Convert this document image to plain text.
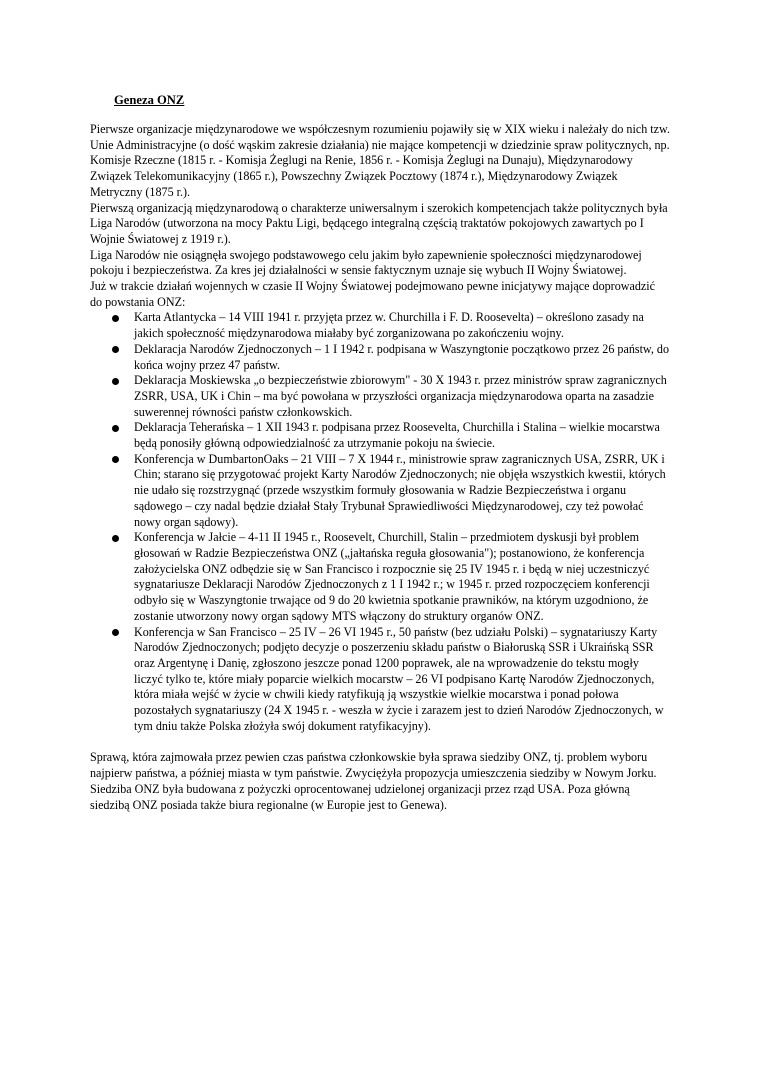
Geneza ONZ

Pierwsze organizacje międzynarodowe we współczesnym rozumieniu pojawiły się w XIX wieku i należały do nich tzw. Unie Administracyjne (o dość wąskim zakresie działania) nie mające kompetencji w dziedzinie spraw politycznych, np. Komisje Rzeczne (1815 r. - Komisja Żeglugi na Renie, 1856 r. - Komisja Żeglugi na Dunaju), Międzynarodowy Związek Telekomunikacyjny (1865 r.), Powszechny Związek Pocztowy (1874 r.), Międzynarodowy Związek Metryczny (1875 r.).

Pierwszą organizacją międzynarodową o charakterze uniwersalnym i szerokich kompetencjach także politycznych była Liga Narodów (utworzona na mocy Paktu Ligi, będącego integralną częścią traktatów pokojowych zawartych po I Wojnie Światowej z 1919 r.).

Liga Narodów nie osiągnęła swojego podstawowego celu jakim było zapewnienie społeczności międzynarodowej pokoju i bezpieczeństwa. Za kres jej działalności w sensie faktycznym uznaje się wybuch II Wojny Światowej.

Już w trakcie działań wojennych w czasie II Wojny Światowej podejmowano pewne inicjatywy mające doprowadzić do powstania ONZ:

Karta Atlantycka – 14 VIII 1941 r. przyjęta przez w. Churchilla i F. D. Roosevelta) – określono zasady na jakich społeczność międzynarodowa miałaby być zorganizowana po zakończeniu wojny.
Deklaracja Narodów Zjednoczonych – 1 I 1942 r. podpisana w Waszyngtonie początkowo przez 26 państw, do końca wojny przez 47 państw.
Deklaracja Moskiewska „o bezpieczeństwie zbiorowym" - 30 X 1943 r. przez ministrów spraw zagranicznych ZSRR, USA, UK i Chin – ma być powołana w przyszłości organizacja międzynarodowa oparta na zasadzie suwerennej równości państw członkowskich.
Deklaracja Teherańska – 1 XII 1943 r. podpisana przez Roosevelta, Churchilla i Stalina – wielkie mocarstwa będą ponosiły główną odpowiedzialność za utrzymanie pokoju na świecie.
Konferencja w DumbartonOaks – 21 VIII – 7 X 1944 r., ministrowie spraw zagranicznych USA, ZSRR, UK i Chin; starano się przygotować projekt Karty Narodów Zjednoczonych; nie objęła wszystkich kwestii, których nie udało się rozstrzygnąć (przede wszystkim formuły głosowania w Radzie Bezpieczeństwa i organu sądowego – czy nadal będzie działał Stały Trybunał Sprawiedliwości Międzynarodowej, czy też powołać nowy organ sądowy).
Konferencja w Jałcie – 4-11 II 1945 r., Roosevelt, Churchill, Stalin – przedmiotem dyskusji był problem głosowań w Radzie Bezpieczeństwa ONZ („jałtańska reguła głosowania"); postanowiono, że konferencja założycielska ONZ odbędzie się w San Francisco i rozpocznie się 25 IV 1945 r. i będą w niej uczestniczyć sygnatariusze Deklaracji Narodów Zjednoczonych z 1 I 1942 r.; w 1945 r. przed rozpoczęciem konferencji odbyło się w Waszyngtonie trwające od 9 do 20 kwietnia spotkanie prawników, na którym uzgodniono, że zostanie utworzony nowy organ sądowy MTS włączony do struktury organów ONZ.
Konferencja w San Francisco – 25 IV – 26 VI 1945 r., 50 państw (bez udziału Polski) – sygnatariuszy Karty Narodów Zjednoczonych; podjęto decyzje o poszerzeniu składu państw o Białoruską SSR i Ukraińską SSR oraz Argentynę i Danię, zgłoszono jeszcze ponad 1200 poprawek, ale na wprowadzenie do tekstu mogły liczyć tylko te, które miały poparcie wielkich mocarstw – 26 VI podpisano Kartę Narodów Zjednoczonych, która miała wejść w życie w chwili kiedy ratyfikują ją wszystkie wielkie mocarstwa i ponad połowa pozostałych sygnatariuszy (24 X 1945 r. - weszła w życie i zarazem jest to dzień Narodów Zjednoczonych, w tym dniu także Polska złożyła swój dokument ratyfikacyjny).

Sprawą, która zajmowała przez pewien czas państwa członkowskie była sprawa siedziby ONZ, tj. problem wyboru najpierw państwa, a później miasta w tym państwie. Zwyciężyła propozycja umieszczenia siedziby w Nowym Jorku. Siedziba ONZ była budowana z pożyczki oprocentowanej udzielonej organizacji przez rząd USA. Poza główną siedzibą ONZ posiada także biura regionalne (w Europie jest to Genewa).
